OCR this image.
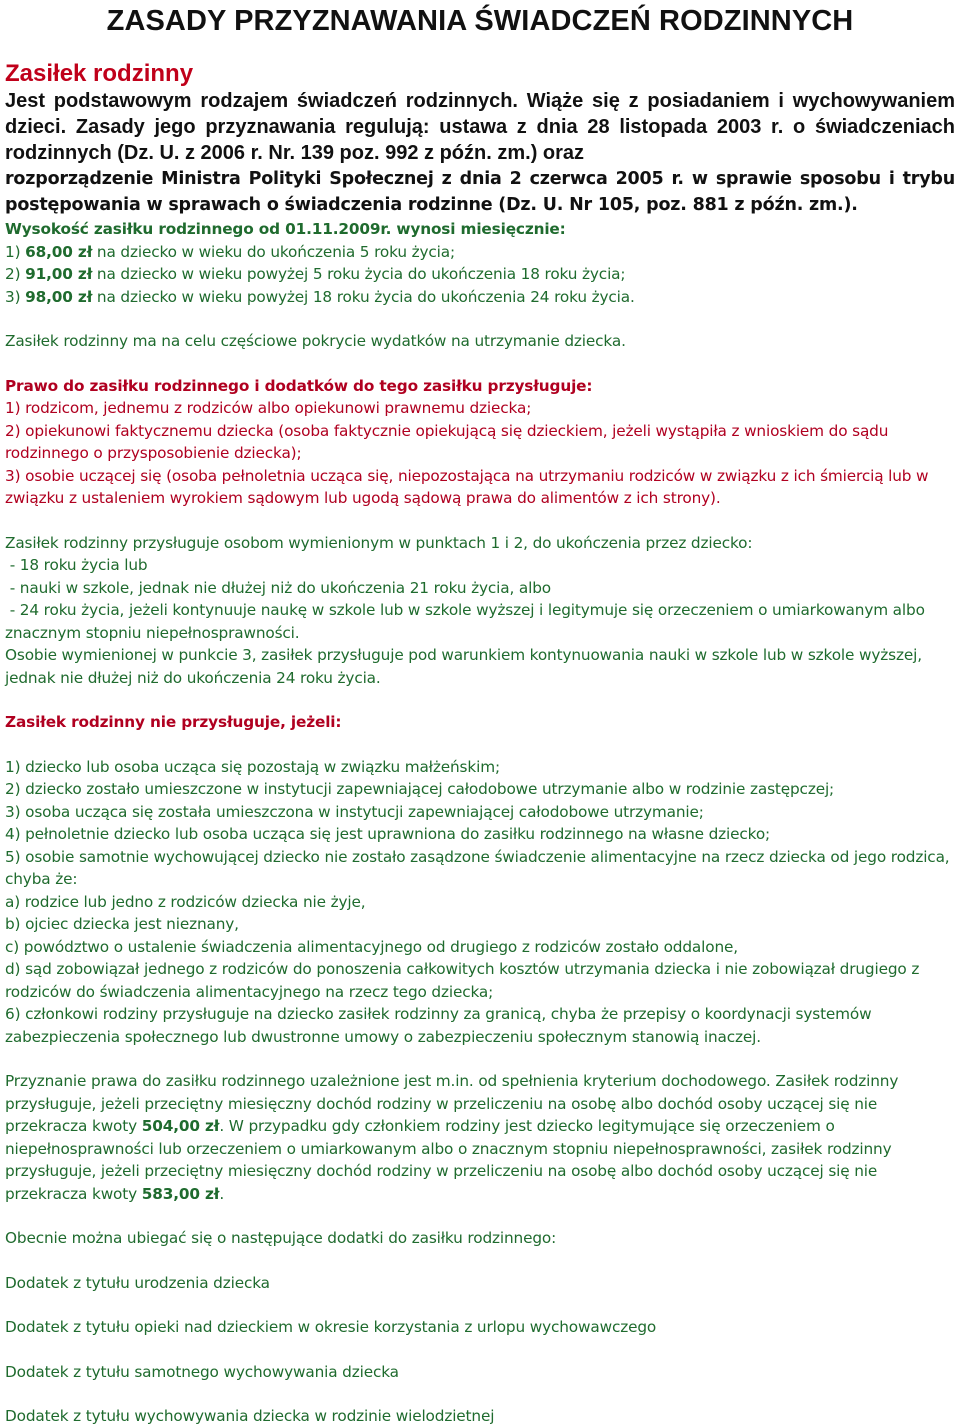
ZASADY PRZYZNAWANIA ŚWIADCZEŃ RODZINNYCH
Zasiłek rodzinny

Jest podstawowym rodzajem świadczeń rodzinnych. Wiąże się z posiadaniem i wychowywaniem dzieci. Zasady jego przyznawania regulują: ustawa z dnia 28 listopada 2003 r. o świadczeniach rodzinnych (Dz. U. z 2006 r. Nr. 139 poz. 992 z późn. zm.) oraz

rozporządzenie Ministra Polityki Społecznej z dnia 2 czerwca 2005 r. w sprawie sposobu i trybu postępowania w sprawach o świadczenia rodzinne (Dz. U. Nr 105, poz. 881 z późn. zm.).

Wysokość zasiłku rodzinnego od 01.11.2009r. wynosi miesięcznie:

1) 68,00 zł na dziecko w wieku do ukończenia 5 roku życia;

2) 91,00 zł na dziecko w wieku powyżej 5 roku życia do ukończenia 18 roku życia;

3) 98,00 zł na dziecko w wieku powyżej 18 roku życia do ukończenia 24 roku życia.

Zasiłek rodzinny ma na celu częściowe pokrycie wydatków na utrzymanie dziecka.

Prawo do zasiłku rodzinnego i dodatków do tego zasiłku przysługuje:

1) rodzicom, jednemu z rodziców albo opiekunowi prawnemu dziecka;

2) opiekunowi faktycznemu dziecka (osoba faktycznie opiekującą się dzieckiem, jeżeli wystąpiła z wnioskiem do sądu rodzinnego o przysposobienie dziecka);

3) osobie uczącej się (osoba pełnoletnia ucząca się, niepozostająca na utrzymaniu rodziców w związku z ich śmiercią lub w związku z ustaleniem wyrokiem sądowym lub ugodą sądową prawa do alimentów z ich strony).

Zasiłek rodzinny przysługuje osobom wymienionym w punktach 1 i 2, do ukończenia przez dziecko:

- 18 roku życia lub

- nauki w szkole, jednak nie dłużej niż do ukończenia 21 roku życia, albo

- 24 roku życia, jeżeli kontynuuje naukę w szkole lub w szkole wyższej i legitymuje się orzeczeniem o umiarkowanym albo znacznym stopniu niepełnosprawności.

Osobie wymienionej w punkcie 3, zasiłek przysługuje pod warunkiem kontynuowania nauki w szkole lub w szkole wyższej, jednak nie dłużej niż do ukończenia 24 roku życia.

Zasiłek rodzinny nie przysługuje, jeżeli:

1) dziecko lub osoba ucząca się pozostają w związku małżeńskim;

2) dziecko zostało umieszczone w instytucji zapewniającej całodobowe utrzymanie albo w rodzinie zastępczej;

3) osoba ucząca się została umieszczona w instytucji zapewniającej całodobowe utrzymanie;

4) pełnoletnie dziecko lub osoba ucząca się jest uprawniona do zasiłku rodzinnego na własne dziecko;

5) osobie samotnie wychowującej dziecko nie zostało zasądzone świadczenie alimentacyjne na rzecz dziecka od jego rodzica, chyba że:

a) rodzice lub jedno z rodziców dziecka nie żyje,

b) ojciec dziecka jest nieznany,

c) powództwo o ustalenie świadczenia alimentacyjnego od drugiego z rodziców zostało oddalone,

d) sąd zobowiązał jednego z rodziców do ponoszenia całkowitych kosztów utrzymania dziecka i nie zobowiązał drugiego z rodziców do świadczenia alimentacyjnego na rzecz tego dziecka;

6) członkowi rodziny przysługuje na dziecko zasiłek rodzinny za granicą, chyba że przepisy o koordynacji systemów zabezpieczenia społecznego lub dwustronne umowy o zabezpieczeniu społecznym stanowią inaczej.

Przyznanie prawa do zasiłku rodzinnego uzależnione jest m.in. od spełnienia kryterium dochodowego. Zasiłek rodzinny przysługuje, jeżeli przeciętny miesięczny dochód rodziny w przeliczeniu na osobę albo dochód osoby uczącej się nie przekracza kwoty 504,00 zł. W przypadku gdy członkiem rodziny jest dziecko legitymujące się orzeczeniem o niepełnosprawności lub orzeczeniem o umiarkowanym albo o znacznym stopniu niepełnosprawności, zasiłek rodzinny przysługuje, jeżeli przeciętny miesięczny dochód rodziny w przeliczeniu na osobę albo dochód osoby uczącej się nie przekracza kwoty 583,00 zł.

Obecnie można ubiegać się o następujące dodatki do zasiłku rodzinnego:

Dodatek z tytułu urodzenia dziecka

Dodatek z tytułu opieki nad dzieckiem w okresie korzystania z urlopu wychowawczego

Dodatek z tytułu samotnego wychowywania dziecka

Dodatek z tytułu wychowywania dziecka w rodzinie wielodzietnej
